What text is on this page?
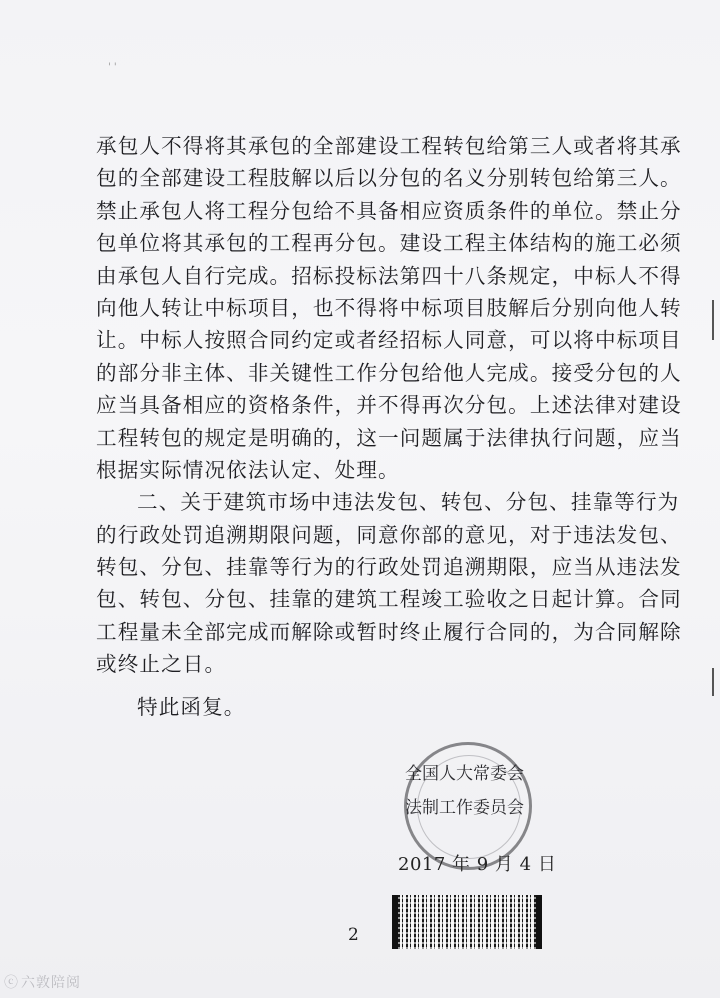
' '
承包人不得将其承包的全部建设工程转包给第三人或者将其承
包的全部建设工程肢解以后以分包的名义分别转包给第三人。
禁止承包人将工程分包给不具备相应资质条件的单位。禁止分
包单位将其承包的工程再分包。建设工程主体结构的施工必须
由承包人自行完成。招标投标法第四十八条规定，中标人不得
向他人转让中标项目，也不得将中标项目肢解后分别向他人转
让。中标人按照合同约定或者经招标人同意，可以将中标项目
的部分非主体、非关键性工作分包给他人完成。接受分包的人
应当具备相应的资格条件，并不得再次分包。上述法律对建设
工程转包的规定是明确的，这一问题属于法律执行问题，应当
根据实际情况依法认定、处理。
二、关于建筑市场中违法发包、转包、分包、挂靠等行为
的行政处罚追溯期限问题，同意你部的意见，对于违法发包、
转包、分包、挂靠等行为的行政处罚追溯期限，应当从违法发
包、转包、分包、挂靠的建筑工程竣工验收之日起计算。合同
工程量未全部完成而解除或暂时终止履行合同的，为合同解除
或终止之日。
特此函复。
全国人大常委会
法制工作委员会
2017 年 9 月 4 日
2
ⓒ 六敦陪阅
